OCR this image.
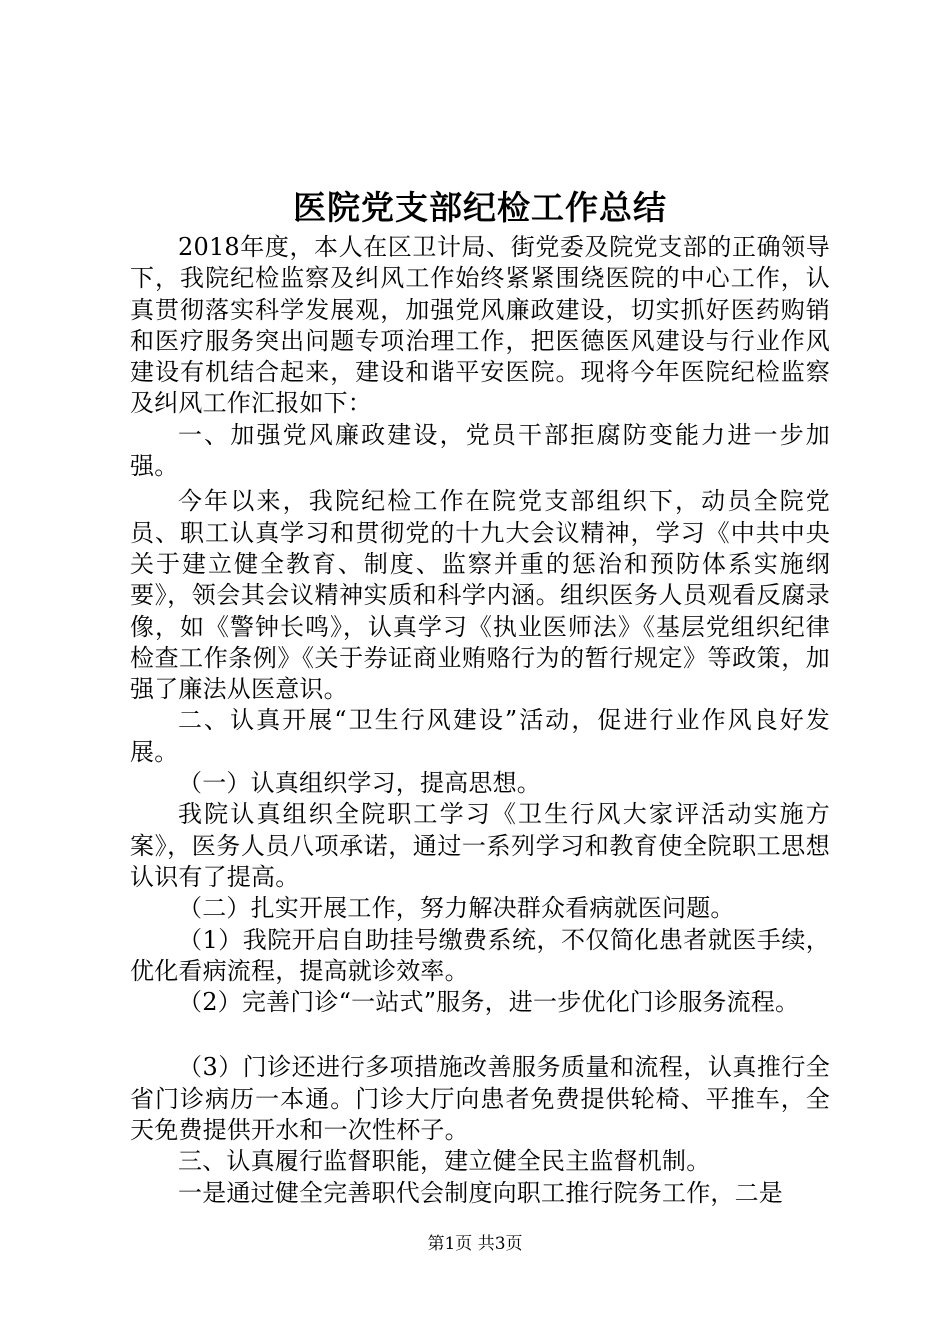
医院党支部纪检工作总结

2018年度，本人在区卫计局、街党委及院党支部的正确领导下，我院纪检监察及纠风工作始终紧紧围绕医院的中心工作，认真贯彻落实科学发展观，加强党风廉政建设，切实抓好医药购销和医疗服务突出问题专项治理工作，把医德医风建设与行业作风建设有机结合起来，建设和谐平安医院。现将今年医院纪检监察及纠风工作汇报如下：

一、加强党风廉政建设，党员干部拒腐防变能力进一步加强。

今年以来，我院纪检工作在院党支部组织下，动员全院党员、职工认真学习和贯彻党的十九大会议精神，学习《中共中央关于建立健全教育、制度、监察并重的惩治和预防体系实施纲要》，领会其会议精神实质和科学内涵。组织医务人员观看反腐录像，如《警钟长鸣》，认真学习《执业医师法》《基层党组织纪律检查工作条例》《关于券证商业贿赂行为的暂行规定》等政策，加强了廉法从医意识。

二、认真开展“卫生行风建设”活动，促进行业作风良好发展。

（一）认真组织学习，提高思想。

我院认真组织全院职工学习《卫生行风大家评活动实施方案》，医务人员八项承诺，通过一系列学习和教育使全院职工思想认识有了提高。

（二）扎实开展工作，努力解决群众看病就医问题。

（1）我院开启自助挂号缴费系统，不仅简化患者就医手续，优化看病流程，提高就诊效率。

（2）完善门诊“一站式”服务，进一步优化门诊服务流程。

（3）门诊还进行多项措施改善服务质量和流程，认真推行全省门诊病历一本通。门诊大厅向患者免费提供轮椅、平推车，全天免费提供开水和一次性杯子。

三、认真履行监督职能，建立健全民主监督机制。

一是通过健全完善职代会制度向职工推行院务工作，二是

第1页 共3页
